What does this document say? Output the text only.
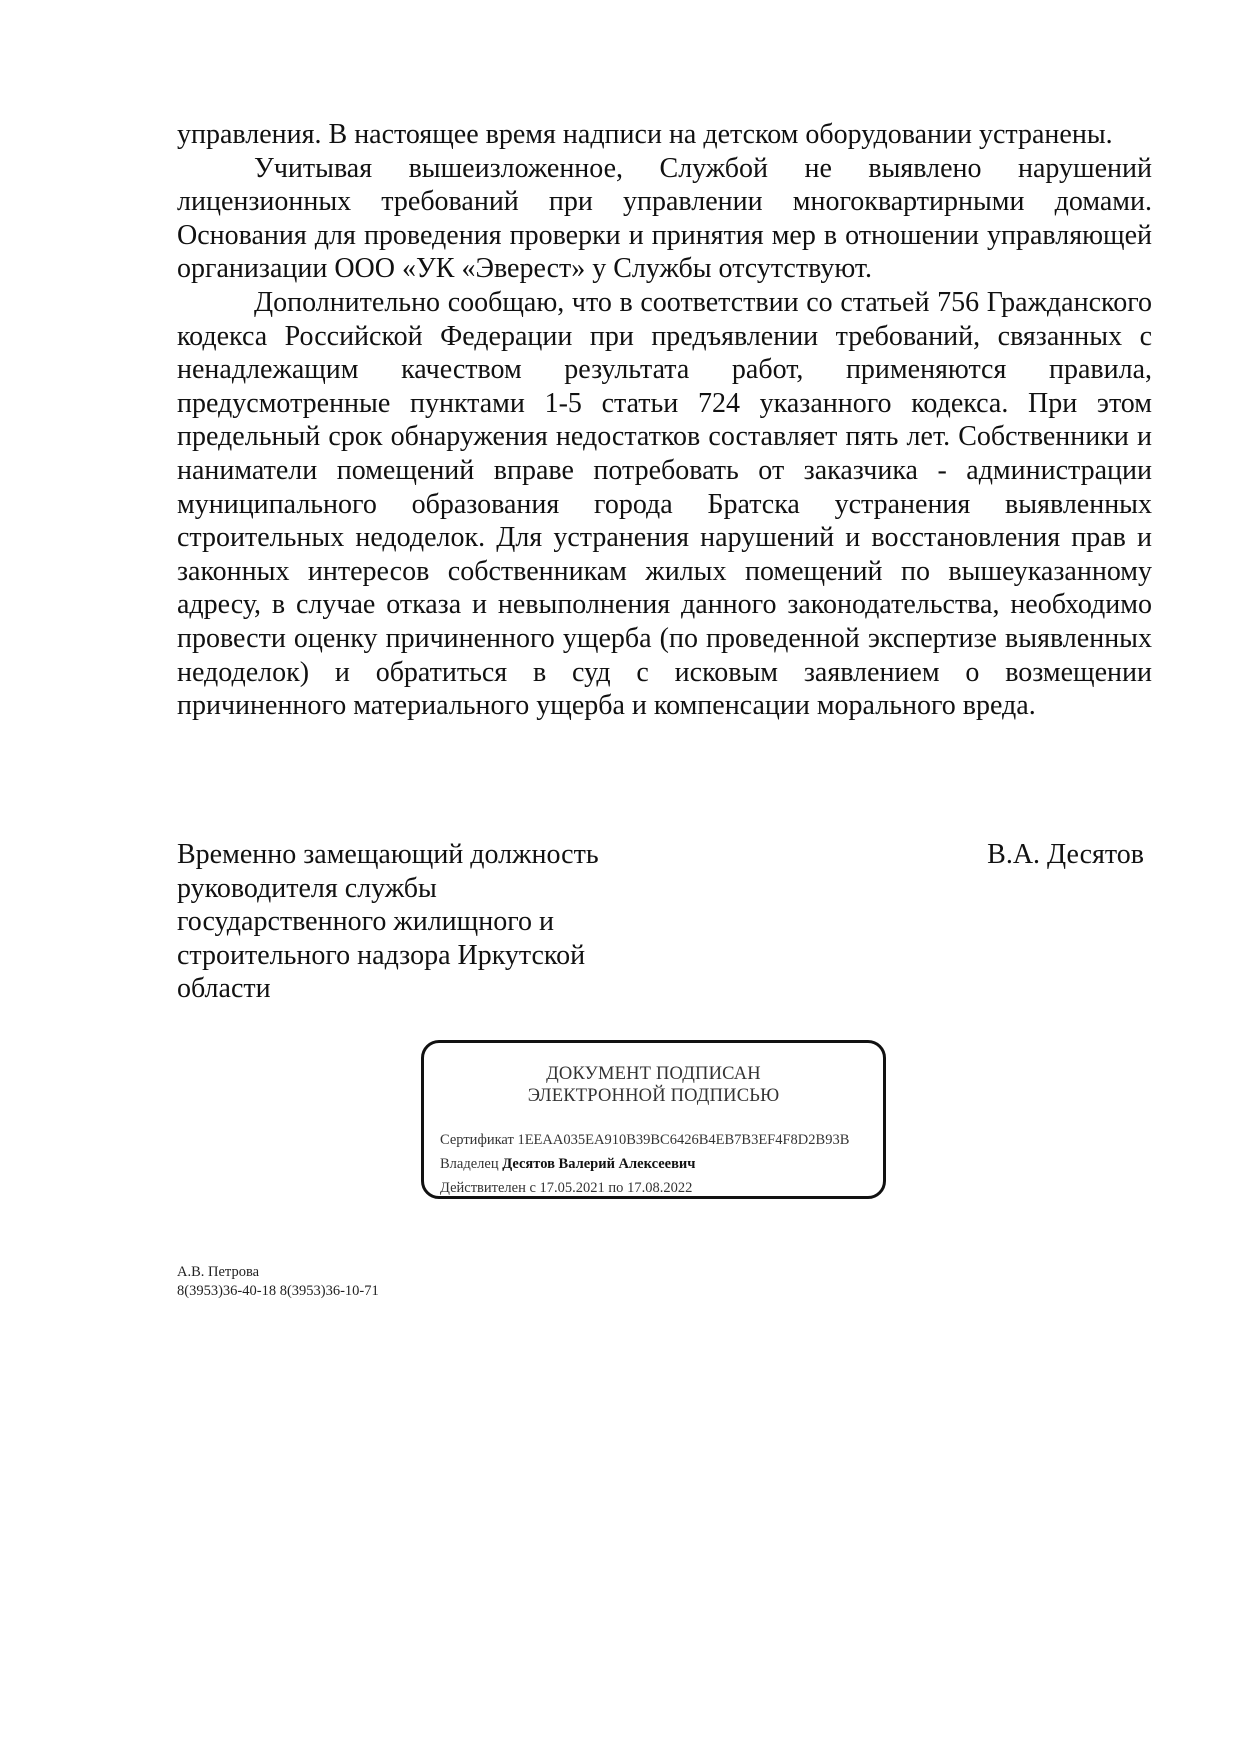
управления. В настоящее время надписи на детском оборудовании устранены.

Учитывая вышеизложенное, Службой не выявлено нарушений лицензионных требований при управлении многоквартирными домами. Основания для проведения проверки и принятия мер в отношении управляющей организации ООО «УК «Эверест» у Службы отсутствуют.

Дополнительно сообщаю, что в соответствии со статьей 756 Гражданского кодекса Российской Федерации при предъявлении требований, связанных с ненадлежащим качеством результата работ, применяются правила, предусмотренные пунктами 1-5 статьи 724 указанного кодекса. При этом предельный срок обнаружения недостатков составляет пять лет. Собственники и наниматели помещений вправе потребовать от заказчика - администрации муниципального образования города Братска устранения выявленных строительных недоделок. Для устранения нарушений и восстановления прав и законных интересов собственникам жилых помещений по вышеуказанному адресу, в случае отказа и невыполнения данного законодательства, необходимо провести оценку причиненного ущерба (по проведенной экспертизе выявленных недоделок) и обратиться в суд с исковым заявлением о возмещении причиненного материального ущерба и компенсации морального вреда.

Временно замещающий должность
руководителя службы
государственного жилищного и
строительного надзора Иркутской
области
В.А. Десятов
ДОКУМЕНТ ПОДПИСАН
ЭЛЕКТРОННОЙ ПОДПИСЬЮ
Сертификат 1EEAA035EA910B39BC6426B4EB7B3EF4F8D2B93B
Владелец Десятов Валерий Алексеевич
Действителен с 17.05.2021 по 17.08.2022
А.В. Петрова
8(3953)36-40-18 8(3953)36-10-71
